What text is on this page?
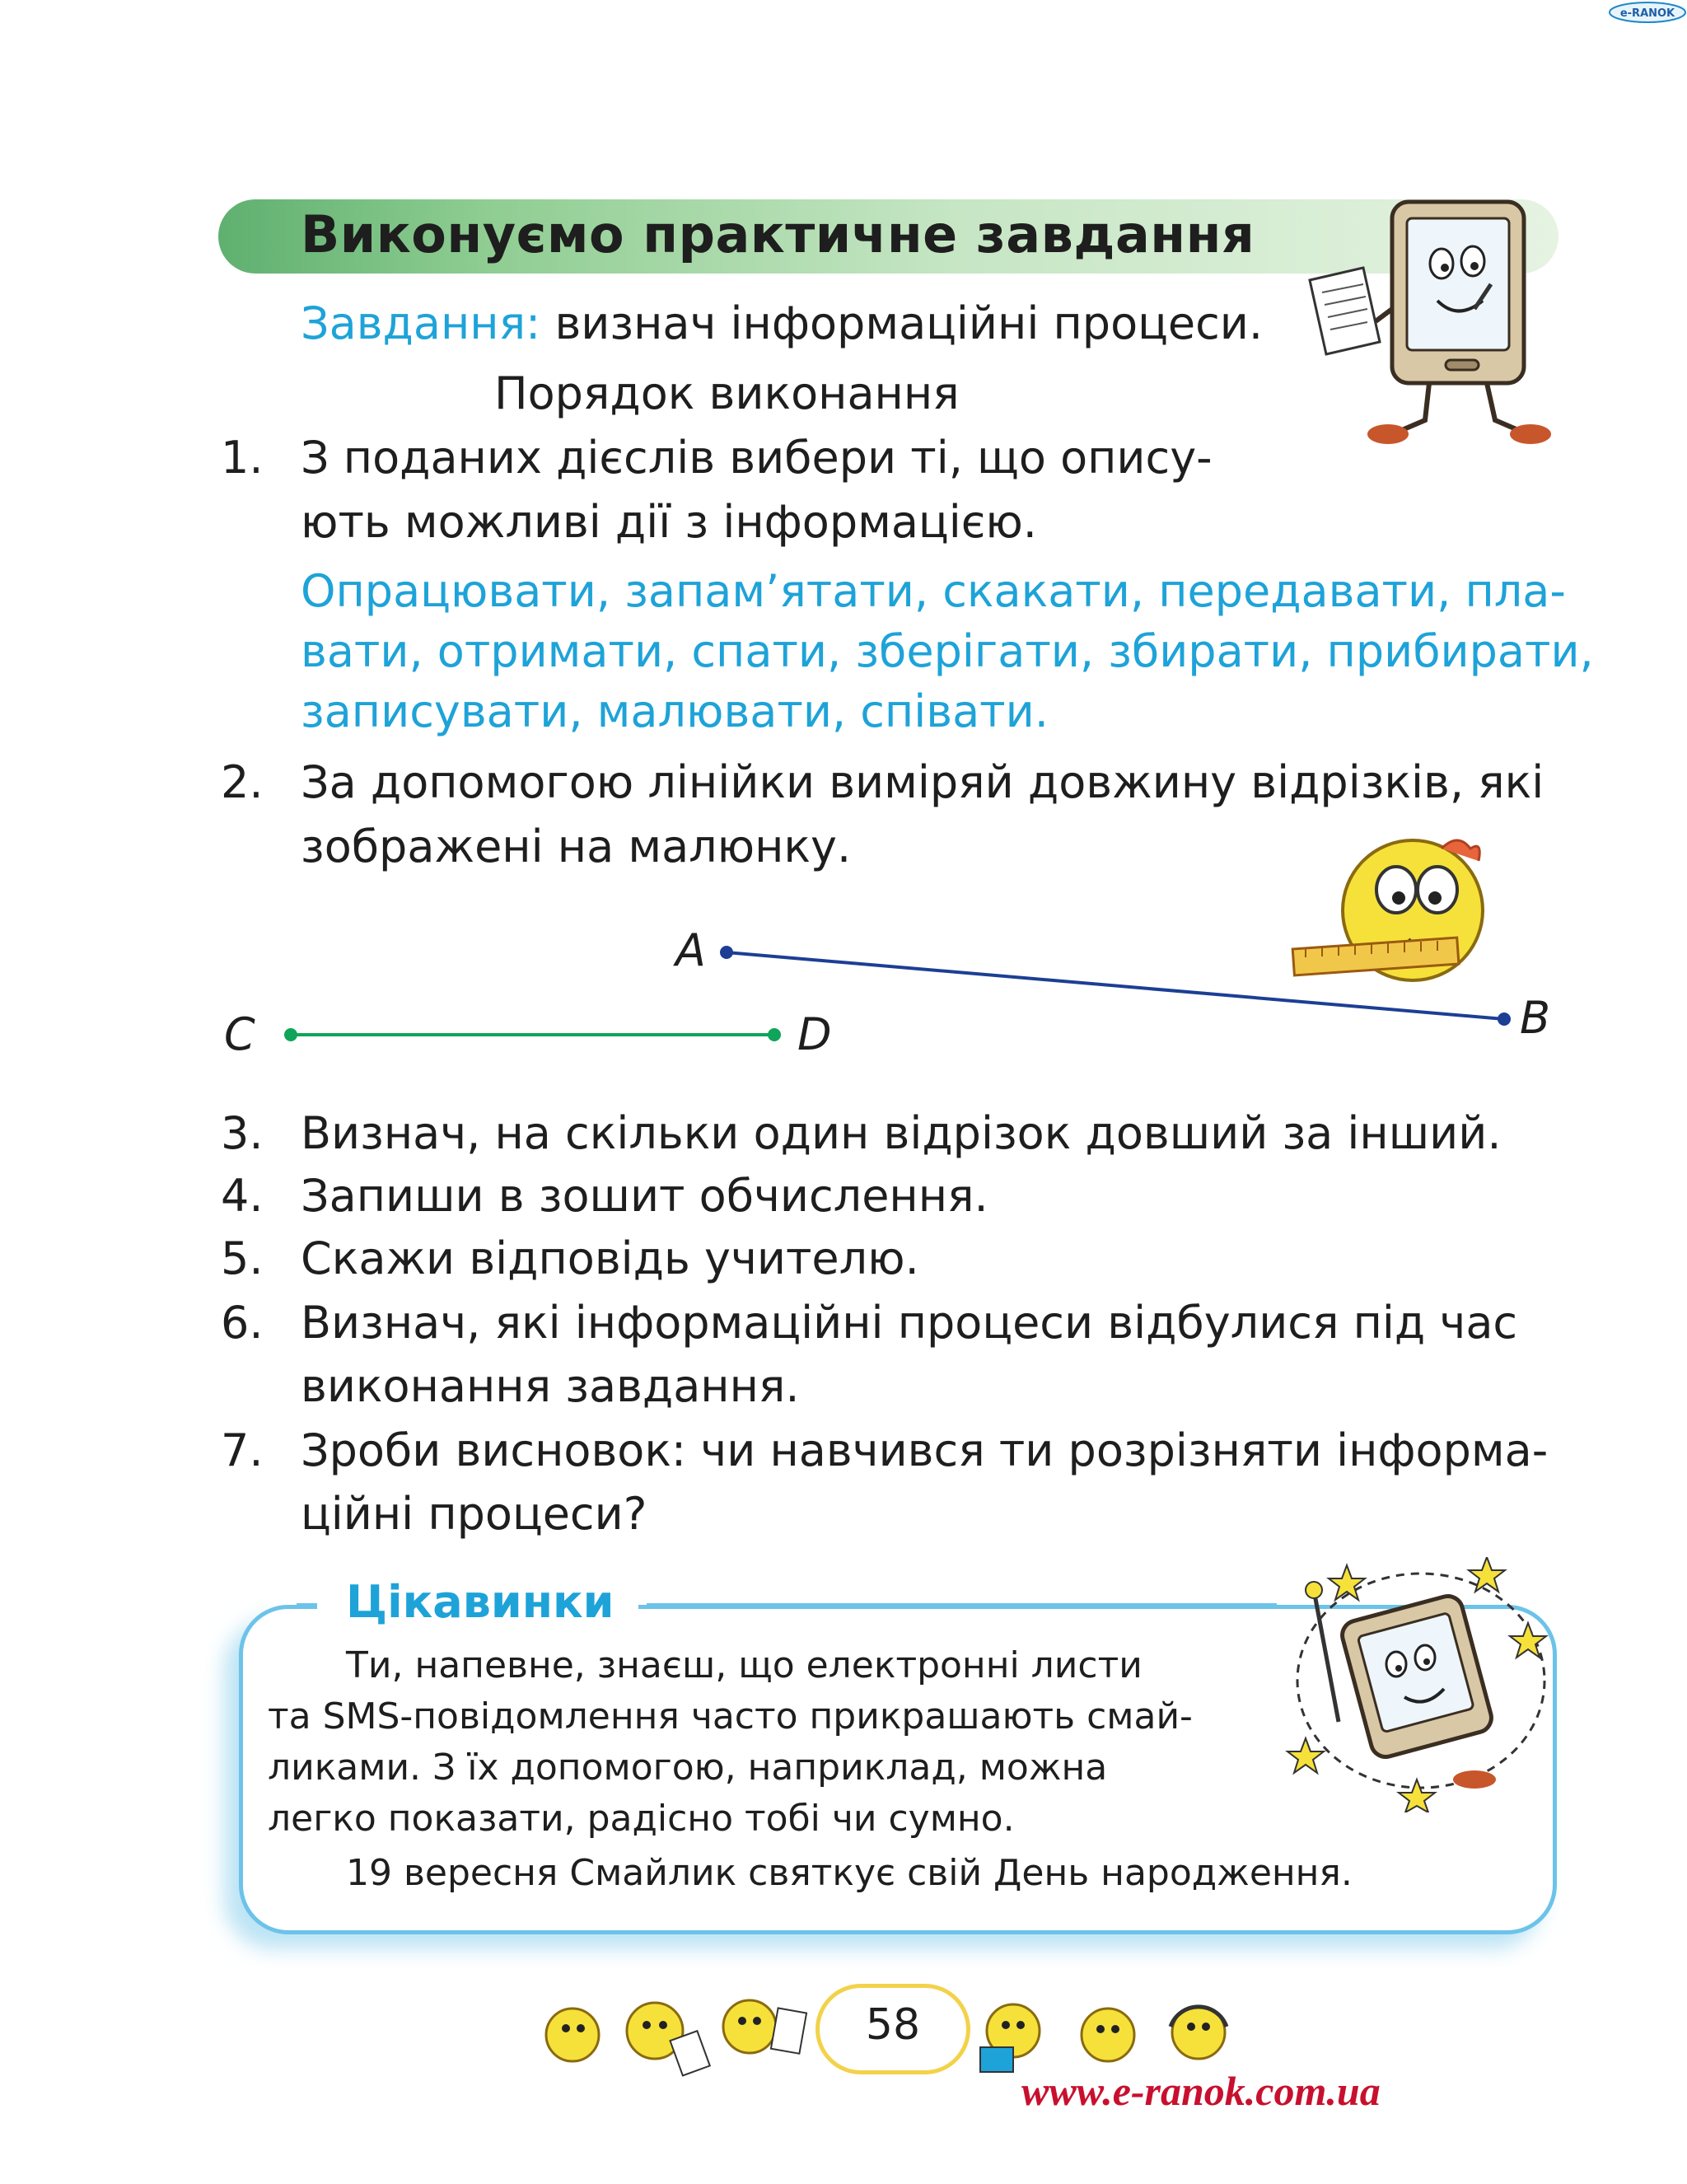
e-RANOK
Виконуємо практичне завдання
Завдання: визнач інформаційні процеси.
Порядок виконання
1. З поданих дієслів вибери ті, що опису-
ють можливі дії з інформацією.
Опрацювати, запам’ятати, скакати, передавати, пла-
вати, отримати, спати, зберігати, збирати, прибирати,
записувати, малювати, співати.
2. За допомогою лінійки виміряй довжину відрізків, які
зображені на малюнку.
A
B
C	D
3. Визнач, на скільки один відрізок довший за інший.
4. Запиши в зошит обчислення.
5. Скажи відповідь учителю.
6. Визнач, які інформаційні процеси відбулися під час
виконання завдання.
7. Зроби висновок: чи навчився ти розрізняти інформа-
ційні процеси?
Цікавинки
Ти, напевне, знаєш, що електронні листи
та SMS-повідомлення часто прикрашають смай-
ликами. З їх допомогою, наприклад, можна
легко показати, радісно тобі чи сумно.
19 вересня Смайлик святкує свій День народження.
58
www.e-ranok.com.ua
